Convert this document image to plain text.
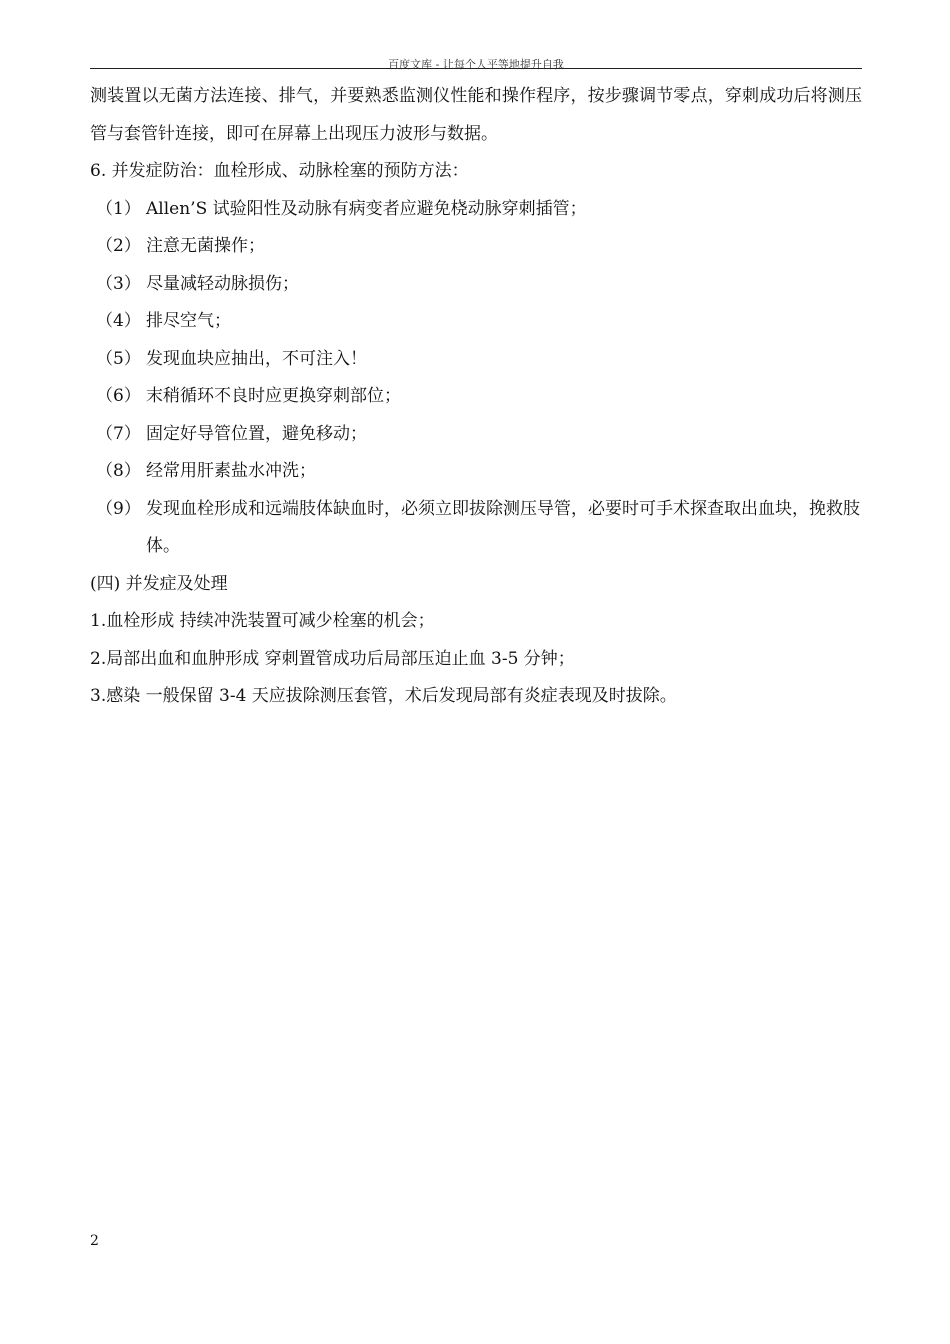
百度文库 - 让每个人平等地提升自我

测装置以无菌方法连接、排气，并要熟悉监测仪性能和操作程序，按步骤调节零点，穿刺成功后将测压管与套管针连接，即可在屏幕上出现压力波形与数据。

6. 并发症防治：血栓形成、动脉栓塞的预防方法：

（1） Allen’S 试验阳性及动脉有病变者应避免桡动脉穿刺插管；
（2） 注意无菌操作；
（3） 尽量减轻动脉损伤；
（4） 排尽空气；
（5） 发现血块应抽出，不可注入！
（6） 末稍循环不良时应更换穿刺部位；
（7） 固定好导管位置，避免移动；
（8） 经常用肝素盐水冲洗；
（9） 发现血栓形成和远端肢体缺血时，必须立即拔除测压导管，必要时可手术探查取出血块，挽救肢体。

(四) 并发症及处理

1.血栓形成 持续冲洗装置可减少栓塞的机会；

2.局部出血和血肿形成 穿刺置管成功后局部压迫止血 3-5 分钟；

3.感染 一般保留 3-4 天应拔除测压套管，术后发现局部有炎症表现及时拔除。

2
